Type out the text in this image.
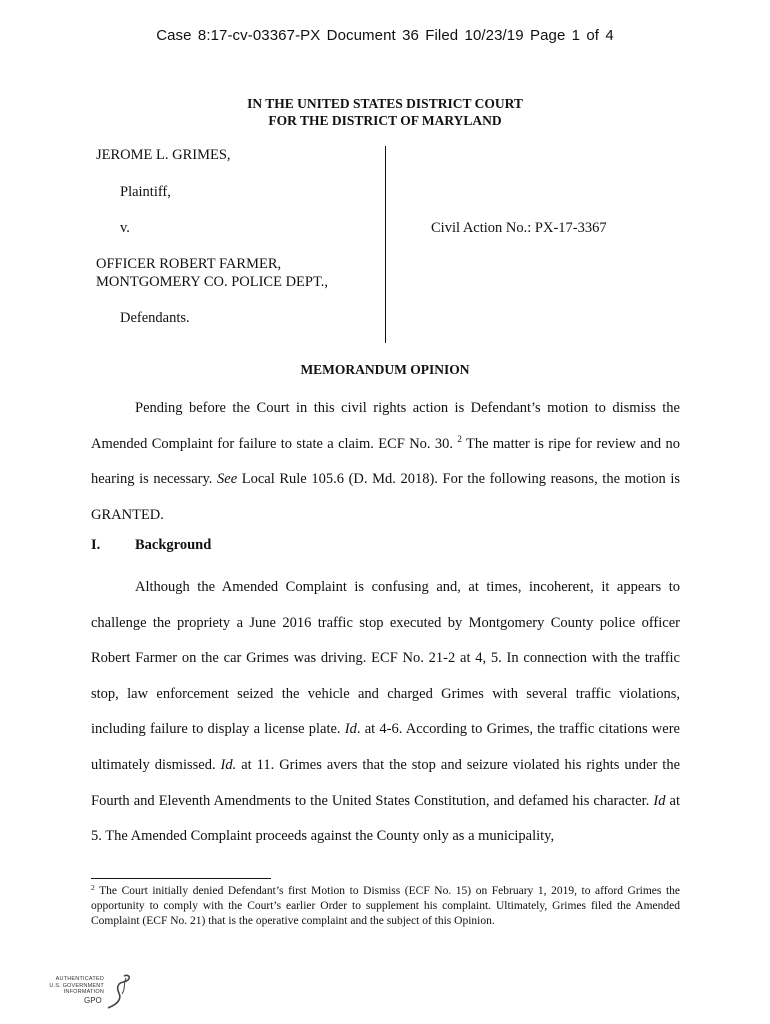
Case 8:17-cv-03367-PX Document 36 Filed 10/23/19 Page 1 of 4
IN THE UNITED STATES DISTRICT COURT
FOR THE DISTRICT OF MARYLAND
JEROME L. GRIMES,
Plaintiff,
v.	Civil Action No.: PX-17-3367
OFFICER ROBERT FARMER,
MONTGOMERY CO. POLICE DEPT.,
Defendants.
MEMORANDUM OPINION

Pending before the Court in this civil rights action is Defendant’s motion to dismiss the Amended Complaint for failure to state a claim. ECF No. 30. $^2$ The matter is ripe for review and no hearing is necessary. See Local Rule 105.6 (D. Md. 2018). For the following reasons, the motion is GRANTED.

I. Background

Although the Amended Complaint is confusing and, at times, incoherent, it appears to challenge the propriety a June 2016 traffic stop executed by Montgomery County police officer Robert Farmer on the car Grimes was driving. ECF No. 21-2 at 4, 5. In connection with the traffic stop, law enforcement seized the vehicle and charged Grimes with several traffic violations, including failure to display a license plate. Id. at 4-6. According to Grimes, the traffic citations were ultimately dismissed. Id. at 11. Grimes avers that the stop and seizure violated his rights under the Fourth and Eleventh Amendments to the United States Constitution, and defamed his character. Id at 5. The Amended Complaint proceeds against the County only as a municipality,

$^2$ The Court initially denied Defendant’s first Motion to Dismiss (ECF No. 15) on February 1, 2019, to afford Grimes the opportunity to comply with the Court’s earlier Order to supplement his complaint. Ultimately, Grimes filed the Amended Complaint (ECF No. 21) that is the operative complaint and the subject of this Opinion.

AUTHENTICATED
U.S. GOVERNMENT
INFORMATION
GPO
